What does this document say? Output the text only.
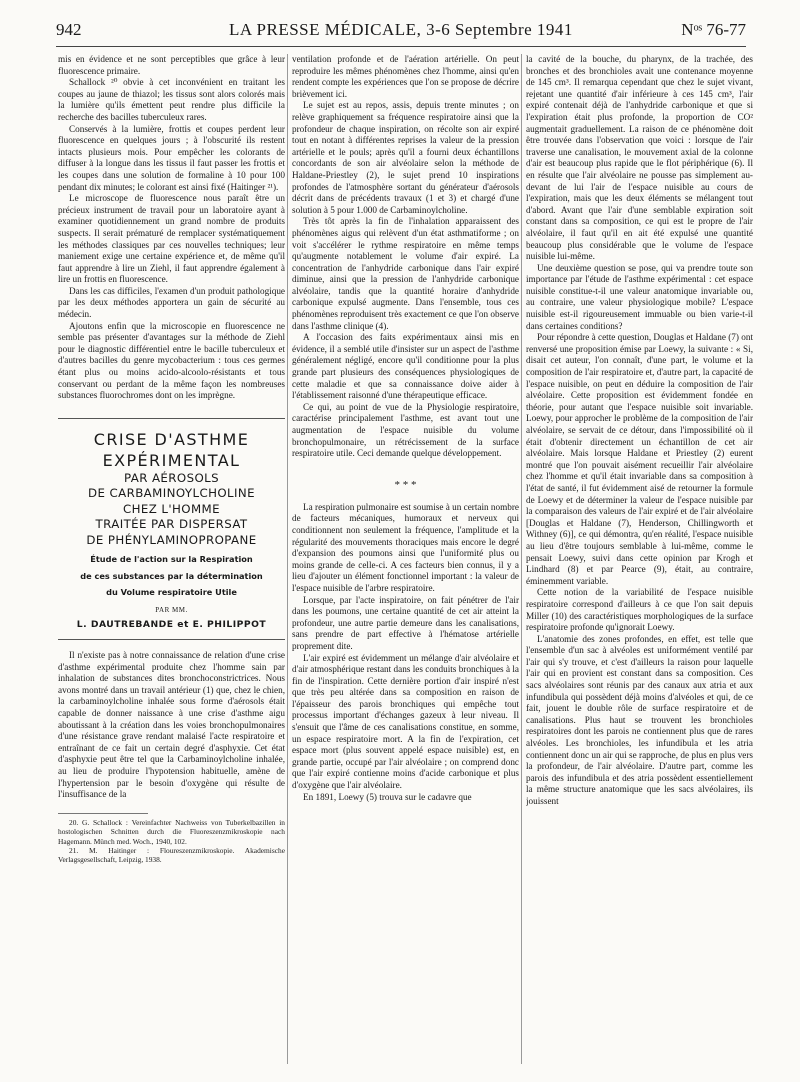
942	LA PRESSE MÉDICALE, 3-6 Septembre 1941	Nᵒˢ 76-77

mis en évidence et ne sont perceptibles que grâce à leur fluorescence primaire.

Schallock ²⁰ obvie à cet inconvénient en traitant les coupes au jaune de thiazol; les tissus sont alors colorés mais la lumière qu'ils émettent peut rendre plus difficile la recherche des bacilles tuberculeux rares.

Conservés à la lumière, frottis et coupes perdent leur fluorescence en quelques jours ; à l'obscurité ils restent intacts plusieurs mois. Pour empêcher les colorants de diffuser à la longue dans les tissus il faut passer les frottis et les coupes dans une solution de formaline à 10 pour 100 pendant dix minutes; le colorant est ainsi fixé (Haitinger ²¹).

Le microscope de fluorescence nous paraît être un précieux instrument de travail pour un laboratoire ayant à examiner quotidiennement un grand nombre de produits suspects. Il serait prématuré de remplacer systématiquement les méthodes classiques par ces nouvelles techniques; leur maniement exige une certaine expérience et, de même qu'il faut apprendre à lire un Ziehl, il faut apprendre également à lire un frottis en fluorescence.

Dans les cas difficiles, l'examen d'un produit pathologique par les deux méthodes apportera un gain de sécurité au médecin.

Ajoutons enfin que la microscopie en fluorescence ne semble pas présenter d'avantages sur la méthode de Ziehl pour le diagnostic différentiel entre le bacille tuberculeux et d'autres bacilles du genre mycobacterium : tous ces germes étant plus ou moins acido-alcoolo-résistants et tous conservant ou perdant de la même façon les nombreuses substances fluorochromes dont on les imprègne.

CRISE D'ASTHME
EXPÉRIMENTAL
PAR AÉROSOLS
DE CARBAMINOYLCHOLINE
CHEZ L'HOMME
TRAITÉE PAR DISPERSAT
DE PHÉNYLAMINOPROPANE
Étude de l'action sur la Respiration
de ces substances par la détermination
du Volume respiratoire Utile
PAR MM.
L. DAUTREBANDE et E. PHILIPPOT

Il n'existe pas à notre connaissance de relation d'une crise d'asthme expérimental produite chez l'homme sain par inhalation de substances dites bronchoconstrictrices. Nous avons montré dans un travail antérieur (1) que, chez le chien, la carbaminoylcholine inhalée sous forme d'aérosols était capable de donner naissance à une crise d'asthme aigu aboutissant à la création dans les voies bronchopulmonaires d'une résistance grave rendant malaisé l'acte respiratoire et entraînant de ce fait un certain degré d'asphyxie. Cet état d'asphyxie peut être tel que la Carbaminoylcholine inhalée, au lieu de produire l'hypotension habituelle, amène de l'hypertension par le besoin d'oxygène qui résulte de l'insuffisance de la

20. G. Schallock : Vereinfachter Nachweiss von Tuberkelbazillen in hostologischen Schnitten durch die Fluoreszenzmikroskopie nach Hagemann. Münch med. Woch., 1940, 102.

21. M. Haitinger : Floureszenzmikroskopie. Akademische Verlagsgesellschaft, Leipzig, 1938.

ventilation profonde et de l'aération artérielle. On peut reproduire les mêmes phénomènes chez l'homme, ainsi qu'en rendent compte les expériences que l'on se propose de décrire brièvement ici.

Le sujet est au repos, assis, depuis trente minutes ; on relève graphiquement sa fréquence respiratoire ainsi que la profondeur de chaque inspiration, on récolte son air expiré tout en notant à différentes reprises la valeur de la pression artérielle et le pouls; après qu'il a fourni deux échantillons concordants de son air alvéolaire selon la méthode de Haldane-Priestley (2), le sujet prend 10 inspirations profondes de l'atmosphère sortant du générateur d'aérosols décrit dans de précédents travaux (1 et 3) et chargé d'une solution à 5 pour 1.000 de Carbaminoylcholine.

Très tôt après la fin de l'inhalation apparaissent des phénomènes aigus qui relèvent d'un état asthmatiforme ; on voit s'accélérer le rythme respiratoire en même temps qu'augmente notablement le volume d'air expiré. La concentration de l'anhydride carbonique dans l'air expiré diminue, ainsi que la pression de l'anhydride carbonique alvéolaire, tandis que la quantité horaire d'anhydride carbonique expulsé augmente. Dans l'ensemble, tous ces phénomènes reproduisent très exactement ce que l'on observe dans l'asthme clinique (4).

A l'occasion des faits expérimentaux ainsi mis en évidence, il a semblé utile d'insister sur un aspect de l'asthme généralement négligé, encore qu'il conditionne pour la plus grande part plusieurs des conséquences physiologiques de cette maladie et que sa connaissance doive aider à l'établissement raisonné d'une thérapeutique efficace.

Ce qui, au point de vue de la Physiologie respiratoire, caractérise principalement l'asthme, est avant tout une augmentation de l'espace nuisible du volume bronchopulmonaire, un rétrécissement de la surface respiratoire utile. Ceci demande quelque développement.

* * *

La respiration pulmonaire est soumise à un certain nombre de facteurs mécaniques, humoraux et nerveux qui conditionnent non seulement la fréquence, l'amplitude et la régularité des mouvements thoraciques mais encore le degré d'expansion des poumons ainsi que l'uniformité plus ou moins grande de celle-ci. A ces facteurs bien connus, il y a lieu d'ajouter un élément fonctionnel important : la valeur de l'espace nuisible de l'arbre respiratoire.

Lorsque, par l'acte inspiratoire, on fait pénétrer de l'air dans les poumons, une certaine quantité de cet air atteint la profondeur, une autre partie demeure dans les canalisations, sans prendre de part effective à l'hématose artérielle proprement dite.

L'air expiré est évidemment un mélange d'air alvéolaire et d'air atmosphérique restant dans les conduits bronchiques à la fin de l'inspiration. Cette dernière portion d'air inspiré n'est que très peu altérée dans sa composition en raison de l'épaisseur des parois bronchiques qui empêche tout processus important d'échanges gazeux à leur niveau. Il s'ensuit que l'âme de ces canalisations constitue, en somme, un espace respiratoire mort. A la fin de l'expiration, cet espace mort (plus souvent appelé espace nuisible) est, en grande partie, occupé par l'air alvéolaire ; on comprend donc que l'air expiré contienne moins d'acide carbonique et plus d'oxygène que l'air alvéolaire.

En 1891, Loewy (5) trouva sur le cadavre que

la cavité de la bouche, du pharynx, de la trachée, des bronches et des bronchioles avait une contenance moyenne de 145 cm³. Il remarqua cependant que chez le sujet vivant, rejetant une quantité d'air inférieure à ces 145 cm³, l'air expiré contenait déjà de l'anhydride carbonique et que si l'expiration était plus profonde, la proportion de CO² augmentait graduellement. La raison de ce phénomène doit être trouvée dans l'observation que voici : lorsque de l'air traverse une canalisation, le mouvement axial de la colonne d'air est beaucoup plus rapide que le flot périphérique (6). Il en résulte que l'air alvéolaire ne pousse pas simplement au-devant de lui l'air de l'espace nuisible au cours de l'expiration, mais que les deux éléments se mélangent tout d'abord. Avant que l'air d'une semblable expiration soit constant dans sa composition, ce qui est le propre de l'air alvéolaire, il faut qu'il en ait été expulsé une quantité beaucoup plus considérable que le volume de l'espace nuisible lui-même.

Une deuxième question se pose, qui va prendre toute son importance par l'étude de l'asthme expérimental : cet espace nuisible constitue-t-il une valeur anatomique invariable ou, au contraire, une valeur physiologique mobile? L'espace nuisible est-il rigoureusement immuable ou bien varie-t-il dans certaines conditions?

Pour répondre à cette question, Douglas et Haldane (7) ont renversé une proposition émise par Loewy, la suivante : « Si, disait cet auteur, l'on connaît, d'une part, le volume et la composition de l'air respiratoire et, d'autre part, la capacité de l'espace nuisible, on peut en déduire la composition de l'air alvéolaire. Cette proposition est évidemment fondée en théorie, pour autant que l'espace nuisible soit invariable. Loewy, pour approcher le problème de la composition de l'air alvéolaire, se servait de ce détour, dans l'impossibilité où il était d'obtenir directement un échantillon de cet air alvéolaire. Mais lorsque Haldane et Priestley (2) eurent montré que l'on pouvait aisément recueillir l'air alvéolaire chez l'homme et qu'il était invariable dans sa composition à l'état de santé, il fut évidemment aisé de retourner la formule de Loewy et de déterminer la valeur de l'espace nuisible par la comparaison des valeurs de l'air expiré et de l'air alvéolaire [Douglas et Haldane (7), Henderson, Chillingworth et Withney (6)], ce qui démontra, qu'en réalité, l'espace nuisible au lieu d'être toujours semblable à lui-même, comme le pensait Loewy, suivi dans cette opinion par Krogh et Lindhard (8) et par Pearce (9), était, au contraire, éminemment variable.

Cette notion de la variabilité de l'espace nuisible respiratoire correspond d'ailleurs à ce que l'on sait depuis Miller (10) des caractéristiques morphologiques de la surface respiratoire profonde qu'ignorait Loewy.

L'anatomie des zones profondes, en effet, est telle que l'ensemble d'un sac à alvéoles est uniformément ventilé par l'air qui s'y trouve, et c'est d'ailleurs la raison pour laquelle l'air qui en provient est constant dans sa composition. Ces sacs alvéolaires sont réunis par des canaux aux atria et aux infundibula qui possèdent déjà moins d'alvéoles et qui, de ce fait, jouent le double rôle de surface respiratoire et de canalisations. Plus haut se trouvent les bronchioles respiratoires dont les parois ne contiennent plus que de rares alvéoles. Les bronchioles, les infundibula et les atria contiennent donc un air qui se rapproche, de plus en plus vers la profondeur, de l'air alvéolaire. D'autre part, comme les parois des infundibula et des atria possèdent essentiellement la même structure anatomique que les sacs alvéolaires, ils jouissent
